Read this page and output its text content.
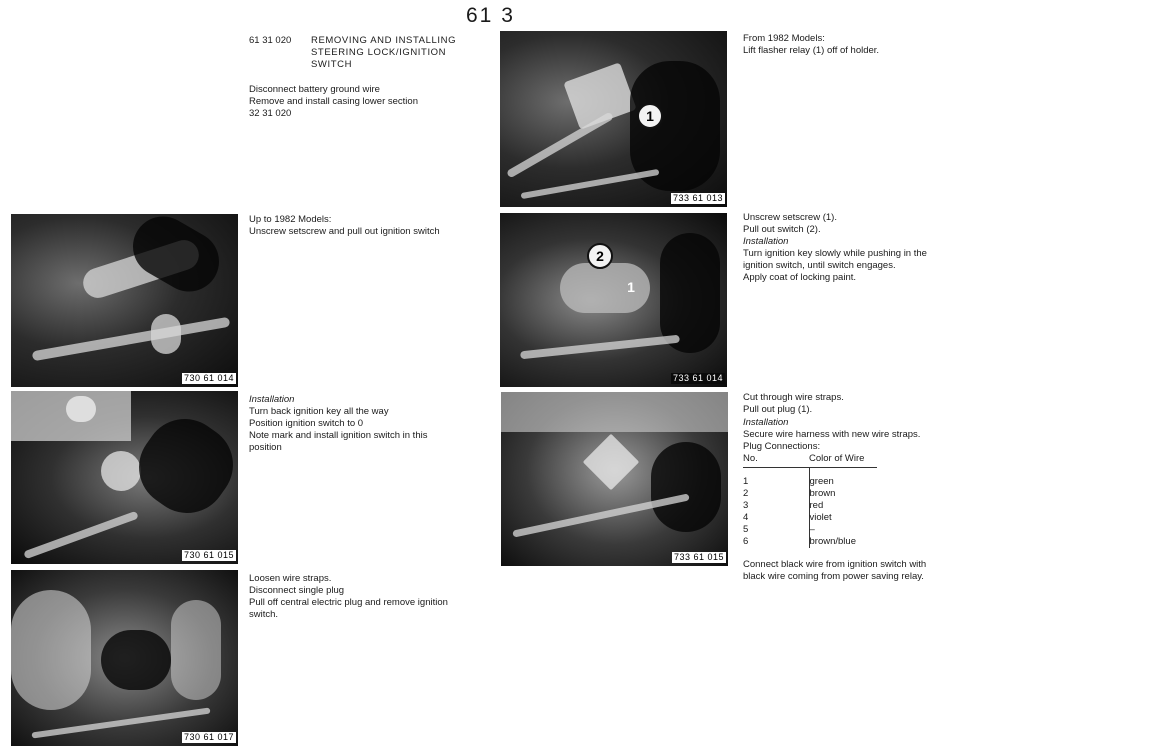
61 3
61 31 020 REMOVING AND INSTALLING
STEERING LOCK/IGNITION
SWITCH
Disconnect battery ground wire
Remove and install casing lower section
32 31 020
730 61 014
Up to 1982 Models:
Unscrew setscrew and pull out ignition switch
730 61 015
Installation
Turn back ignition key all the way
Position ignition switch to 0
Note mark and install ignition switch in this
position
730 61 017
Loosen wire straps.
Disconnect single plug
Pull off central electric plug and remove ignition
switch.
1
733 61 013
From 1982 Models:
Lift flasher relay (1) off of holder.
2
1
733 61 014
Unscrew setscrew (1).
Pull out switch (2).
Installation
Turn ignition key slowly while pushing in the
ignition switch, until switch engages.
Apply coat of locking paint.
733 61 015
Cut through wire straps.
Pull out plug (1).
Installation
Secure wire harness with new wire straps.
Plug Connections:
No.	Color of Wire

1	green
2	brown
3	red
4	violet
5	–
6	brown/blue
Connect black wire from ignition switch with
black wire coming from power saving relay.
